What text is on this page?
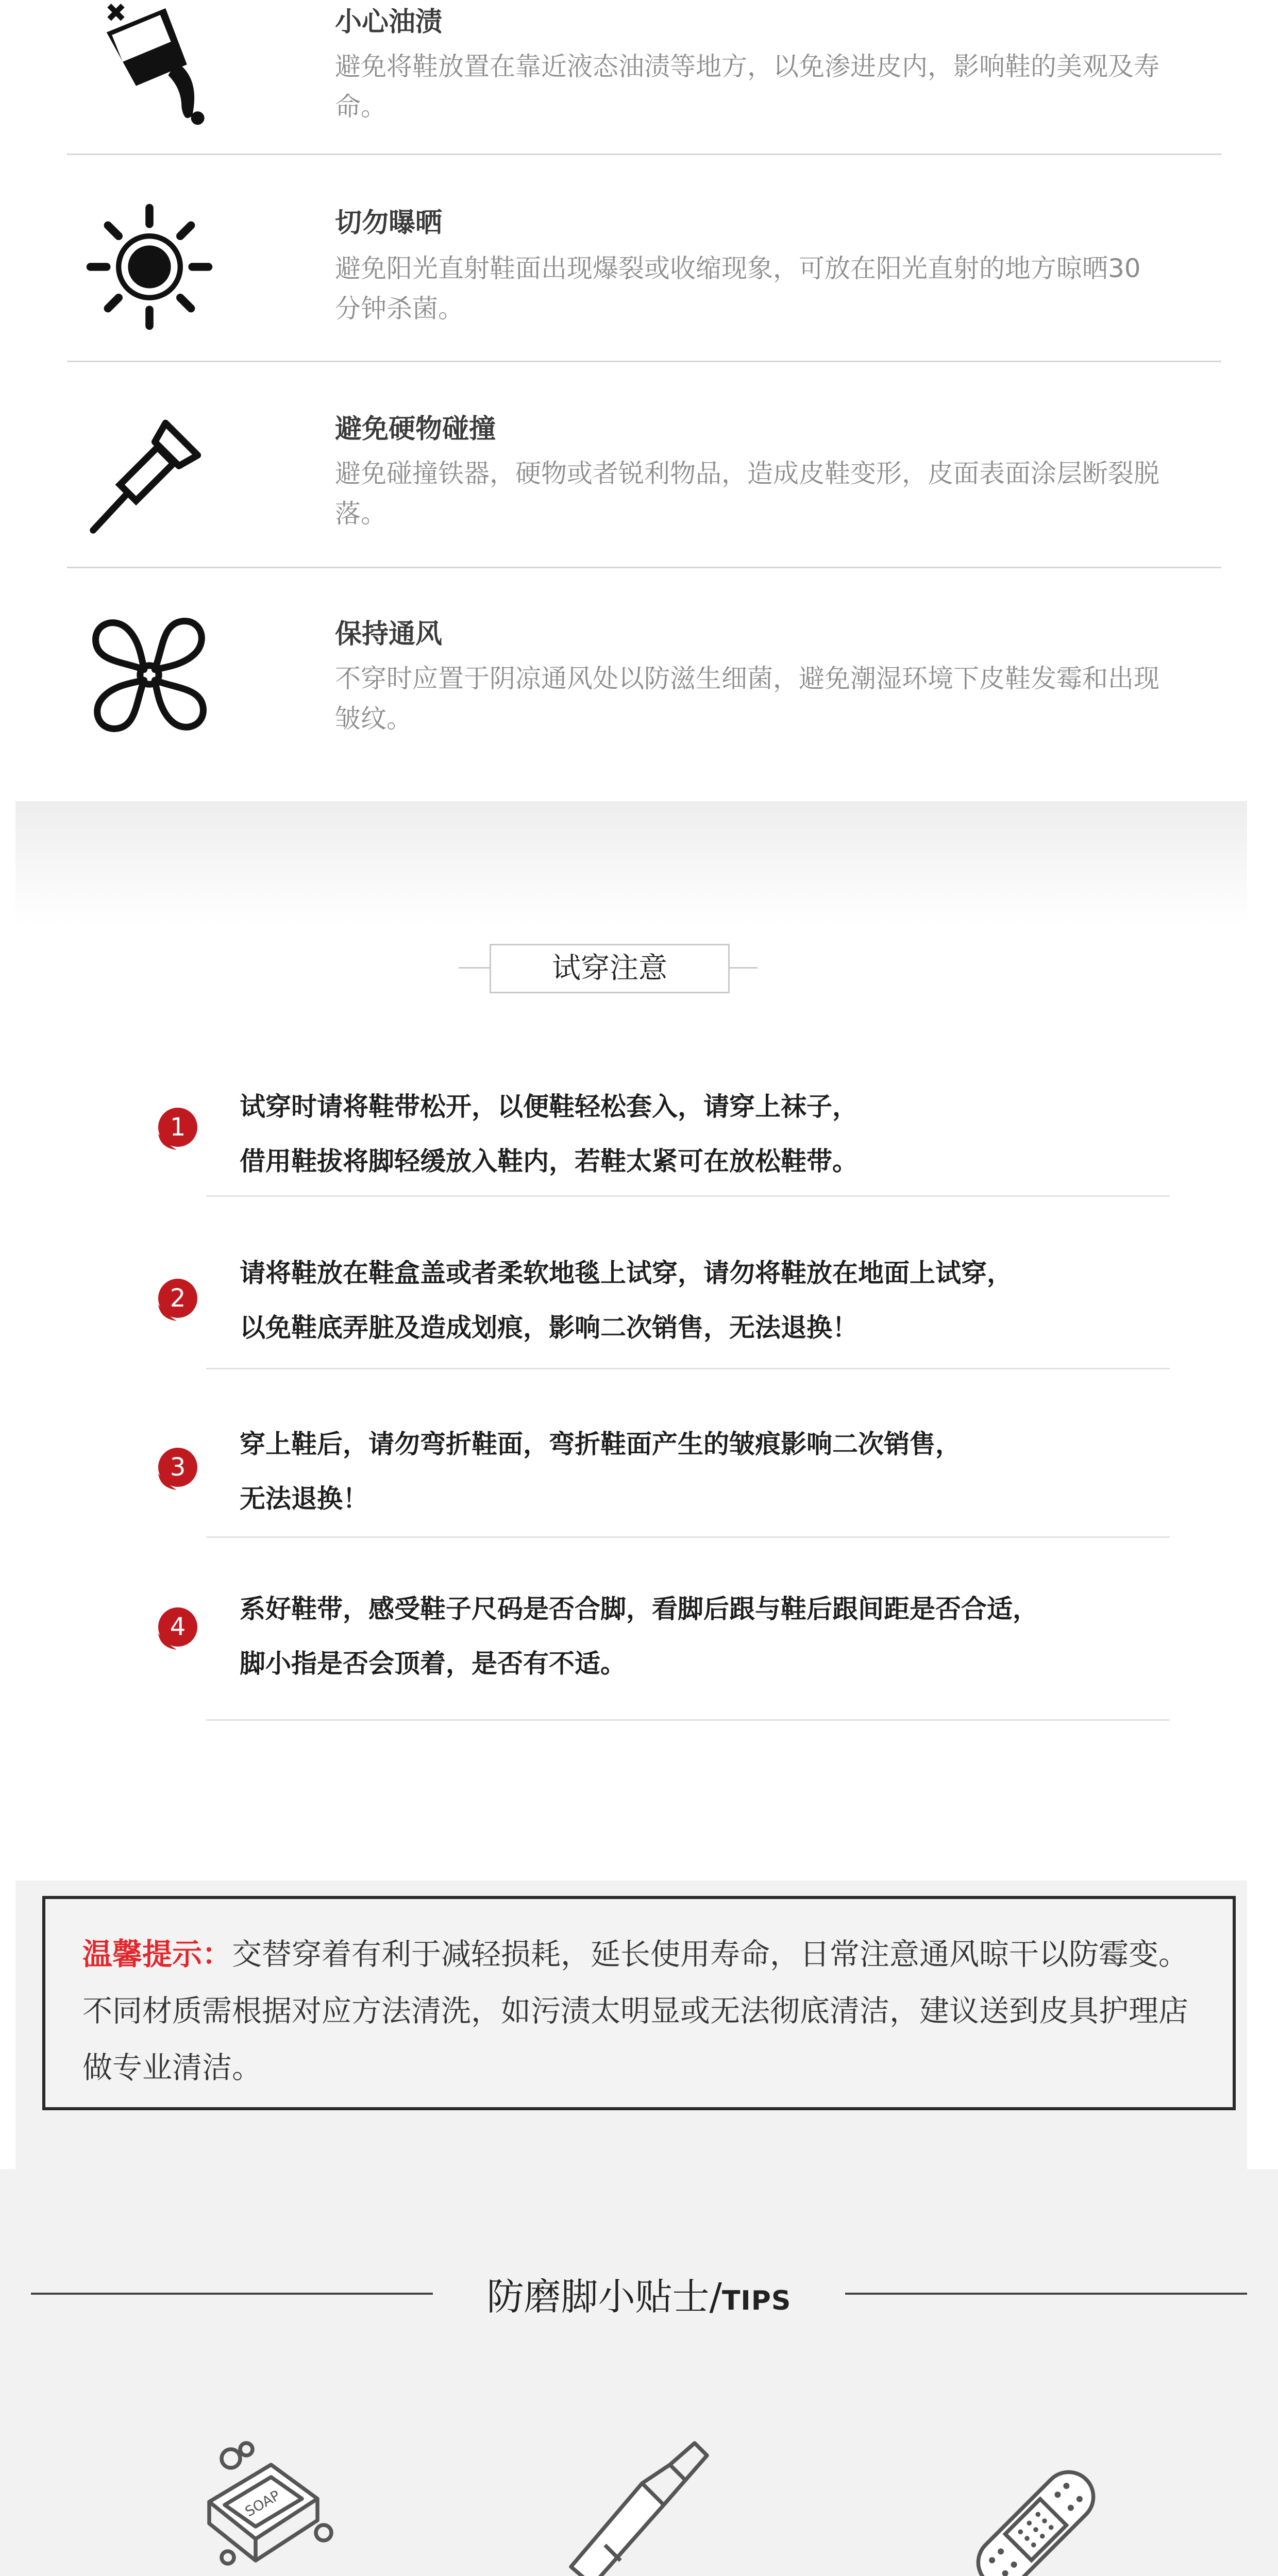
小心油渍
避免将鞋放置在靠近液态油渍等地方，以免渗进皮内，影响鞋的美观及寿命。
切勿曝晒
避免阳光直射鞋面出现爆裂或收缩现象，可放在阳光直射的地方晾晒30分钟杀菌。
避免硬物碰撞
避免碰撞铁器，硬物或者锐利物品，造成皮鞋变形，皮面表面涂层断裂脱落。
保持通风
不穿时应置于阴凉通风处以防滋生细菌，避免潮湿环境下皮鞋发霉和出现皱纹。
试穿注意
1
试穿时请将鞋带松开，以便鞋轻松套入，请穿上袜子，
借用鞋拔将脚轻缓放入鞋内，若鞋太紧可在放松鞋带。
2
请将鞋放在鞋盒盖或者柔软地毯上试穿，请勿将鞋放在地面上试穿，
以免鞋底弄脏及造成划痕，影响二次销售，无法退换！
3
穿上鞋后，请勿弯折鞋面，弯折鞋面产生的皱痕影响二次销售，
无法退换！
4
系好鞋带，感受鞋子尺码是否合脚，看脚后跟与鞋后跟间距是否合适，
脚小指是否会顶着，是否有不适。
温馨提示：交替穿着有利于减轻损耗，延长使用寿命，日常注意通风晾干以防霉变。不同材质需根据对应方法清洗，如污渍太明显或无法彻底清洁，建议送到皮具护理店做专业清洁。
防磨脚小贴士/TIPS
SOAP
